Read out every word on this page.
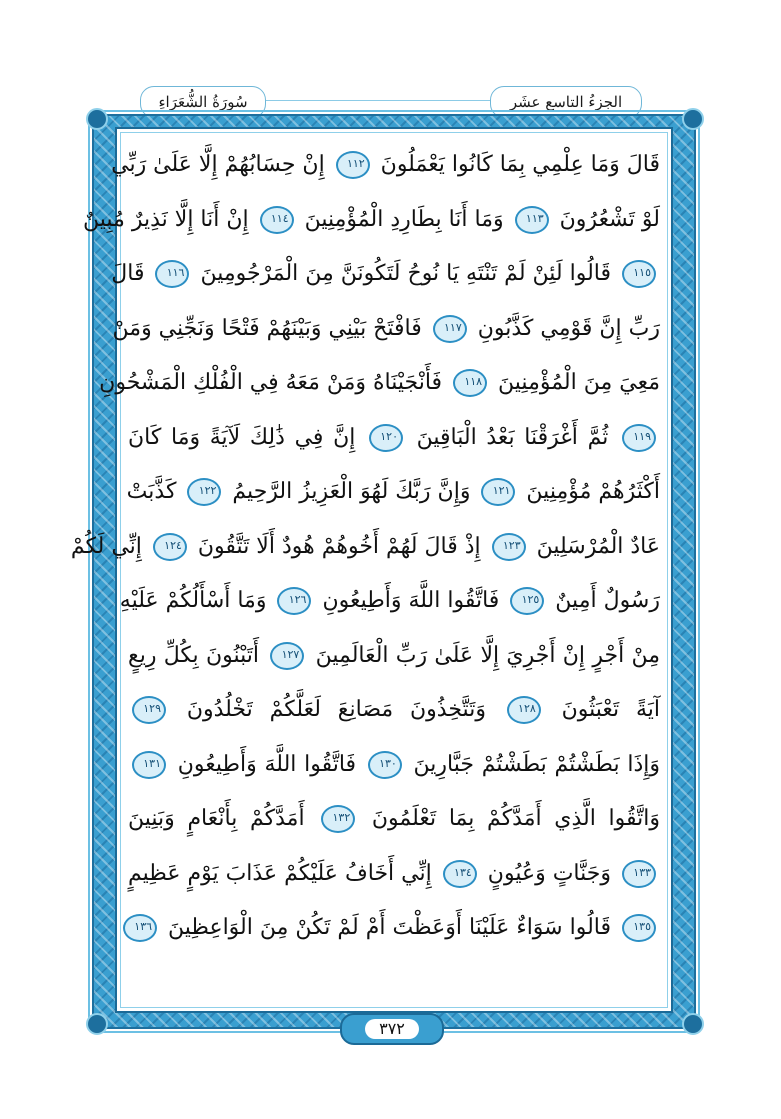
الجزءُ التاسع عشَر
سُورَةُ الشُّعَرَاءِ
قَالَ وَمَا عِلْمِي بِمَا كَانُوا يَعْمَلُونَ ١١٢ إِنْ حِسَابُهُمْ إِلَّا عَلَىٰ رَبِّي
لَوْ تَشْعُرُونَ ١١٣ وَمَا أَنَا بِطَارِدِ الْمُؤْمِنِينَ ١١٤ إِنْ أَنَا إِلَّا نَذِيرٌ مُبِينٌ
١١٥ قَالُوا لَئِنْ لَمْ تَنْتَهِ يَا نُوحُ لَتَكُونَنَّ مِنَ الْمَرْجُومِينَ ١١٦ قَالَ
رَبِّ إِنَّ قَوْمِي كَذَّبُونِ ١١٧ فَافْتَحْ بَيْنِي وَبَيْنَهُمْ فَتْحًا وَنَجِّنِي وَمَنْ
مَعِيَ مِنَ الْمُؤْمِنِينَ ١١٨ فَأَنْجَيْنَاهُ وَمَنْ مَعَهُ فِي الْفُلْكِ الْمَشْحُونِ
١١٩ ثُمَّ أَغْرَقْنَا بَعْدُ الْبَاقِينَ ١٢٠ إِنَّ فِي ذَٰلِكَ لَآيَةً وَمَا كَانَ
أَكْثَرُهُمْ مُؤْمِنِينَ ١٢١ وَإِنَّ رَبَّكَ لَهُوَ الْعَزِيزُ الرَّحِيمُ ١٢٢ كَذَّبَتْ
عَادٌ الْمُرْسَلِينَ ١٢٣ إِذْ قَالَ لَهُمْ أَخُوهُمْ هُودٌ أَلَا تَتَّقُونَ ١٢٤ إِنِّي لَكُمْ
رَسُولٌ أَمِينٌ ١٢٥ فَاتَّقُوا اللَّهَ وَأَطِيعُونِ ١٢٦ وَمَا أَسْأَلُكُمْ عَلَيْهِ
مِنْ أَجْرٍ إِنْ أَجْرِيَ إِلَّا عَلَىٰ رَبِّ الْعَالَمِينَ ١٢٧ أَتَبْنُونَ بِكُلِّ رِيعٍ
آيَةً تَعْبَثُونَ ١٢٨ وَتَتَّخِذُونَ مَصَانِعَ لَعَلَّكُمْ تَخْلُدُونَ ١٢٩
وَإِذَا بَطَشْتُمْ بَطَشْتُمْ جَبَّارِينَ ١٣٠ فَاتَّقُوا اللَّهَ وَأَطِيعُونِ ١٣١
وَاتَّقُوا الَّذِي أَمَدَّكُمْ بِمَا تَعْلَمُونَ ١٣٢ أَمَدَّكُمْ بِأَنْعَامٍ وَبَنِينَ
١٣٣ وَجَنَّاتٍ وَعُيُونٍ ١٣٤ إِنِّي أَخَافُ عَلَيْكُمْ عَذَابَ يَوْمٍ عَظِيمٍ
١٣٥ قَالُوا سَوَاءٌ عَلَيْنَا أَوَعَظْتَ أَمْ لَمْ تَكُنْ مِنَ الْوَاعِظِينَ ١٣٦
٣٧٢
